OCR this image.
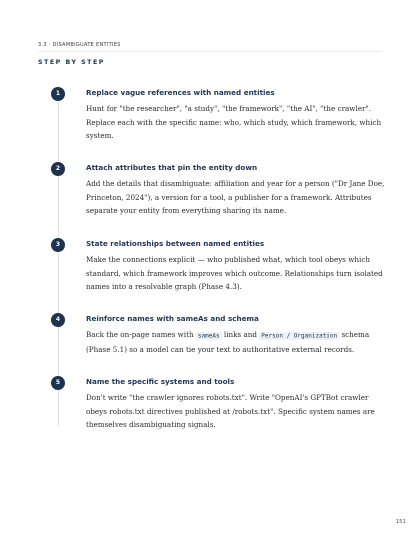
3.3 · DISAMBIGUATE ENTITIES
STEP BY STEP
1	Replace vague references with named entities
Hunt for "the researcher", "a study", "the framework", "the AI", "the crawler". Replace each with the specific name: who, which study, which framework, which system.
2	Attach attributes that pin the entity down
Add the details that disambiguate: affiliation and year for a person ("Dr Jane Doe, Princeton, 2024"), a version for a tool, a publisher for a framework. Attributes separate your entity from everything sharing its name.
3	State relationships between named entities
Make the connections explicit — who published what, which tool obeys which standard, which framework improves which outcome. Relationships turn isolated names into a resolvable graph (Phase 4.3).
4	Reinforce names with sameAs and schema
Back the on-page names with sameAs links and Person / Organization schema (Phase 5.1) so a model can tie your text to authoritative external records.
5	Name the specific systems and tools
Don't write "the crawler ignores robots.txt". Write "OpenAI's GPTBot crawler obeys robots.txt directives published at /robots.txt". Specific system names are themselves disambiguating signals.
151
